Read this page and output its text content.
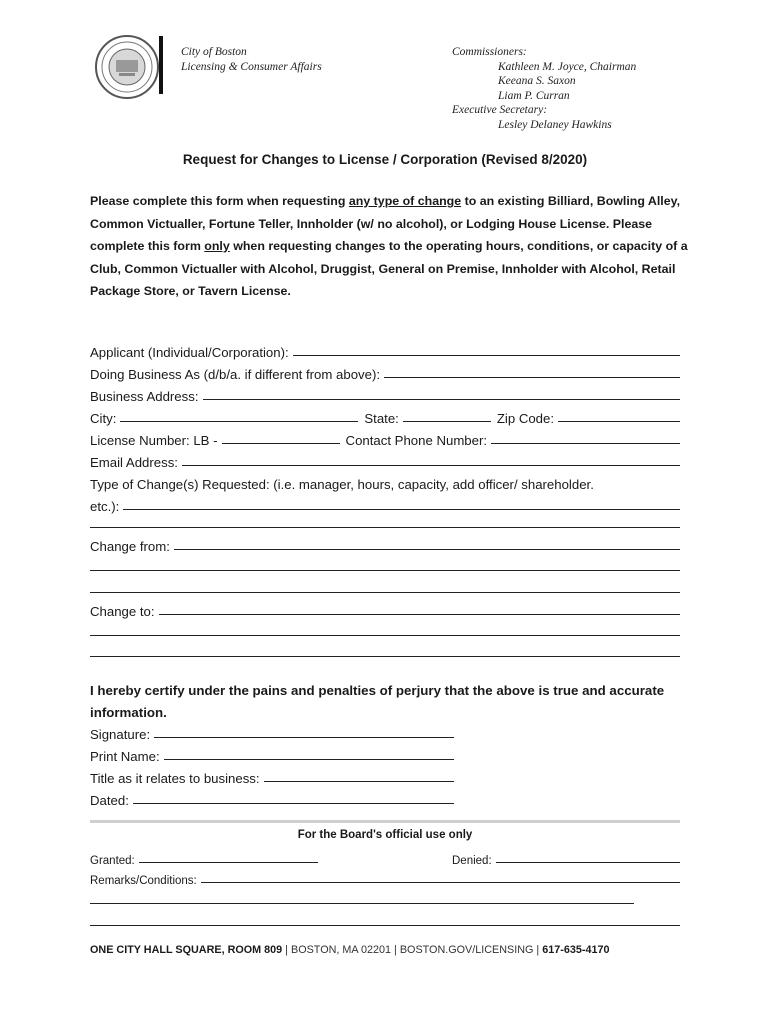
City of Boston
Licensing & Consumer Affairs
Commissioners:
Kathleen M. Joyce, Chairman
Keeana S. Saxon
Liam P. Curran
Executive Secretary:
Lesley Delaney Hawkins
Request for Changes to License / Corporation (Revised 8/2020)
Please complete this form when requesting any type of change to an existing Billiard, Bowling Alley, Common Victualler, Fortune Teller, Innholder (w/ no alcohol), or Lodging House License. Please complete this form only when requesting changes to the operating hours, conditions, or capacity of a Club, Common Victualler with Alcohol, Druggist, General on Premise, Innholder with Alcohol, Retail Package Store, or Tavern License.
Applicant (Individual/Corporation):
Doing Business As (d/b/a. if different from above):
Business Address:
City:	State:	Zip Code:
License Number: LB -	Contact Phone Number:
Email Address:
Type of Change(s) Requested: (i.e. manager, hours, capacity, add officer/ shareholder.
etc.):
Change from:
Change to:
I hereby certify under the pains and penalties of perjury that the above is true and accurate information.
Signature:
Print Name:
Title as it relates to business:
Dated:
For the Board's official use only
Granted:	Denied:
Remarks/Conditions:
ONE CITY HALL SQUARE, ROOM 809 | BOSTON, MA 02201 | BOSTON.GOV/LICENSING | 617-635-4170
